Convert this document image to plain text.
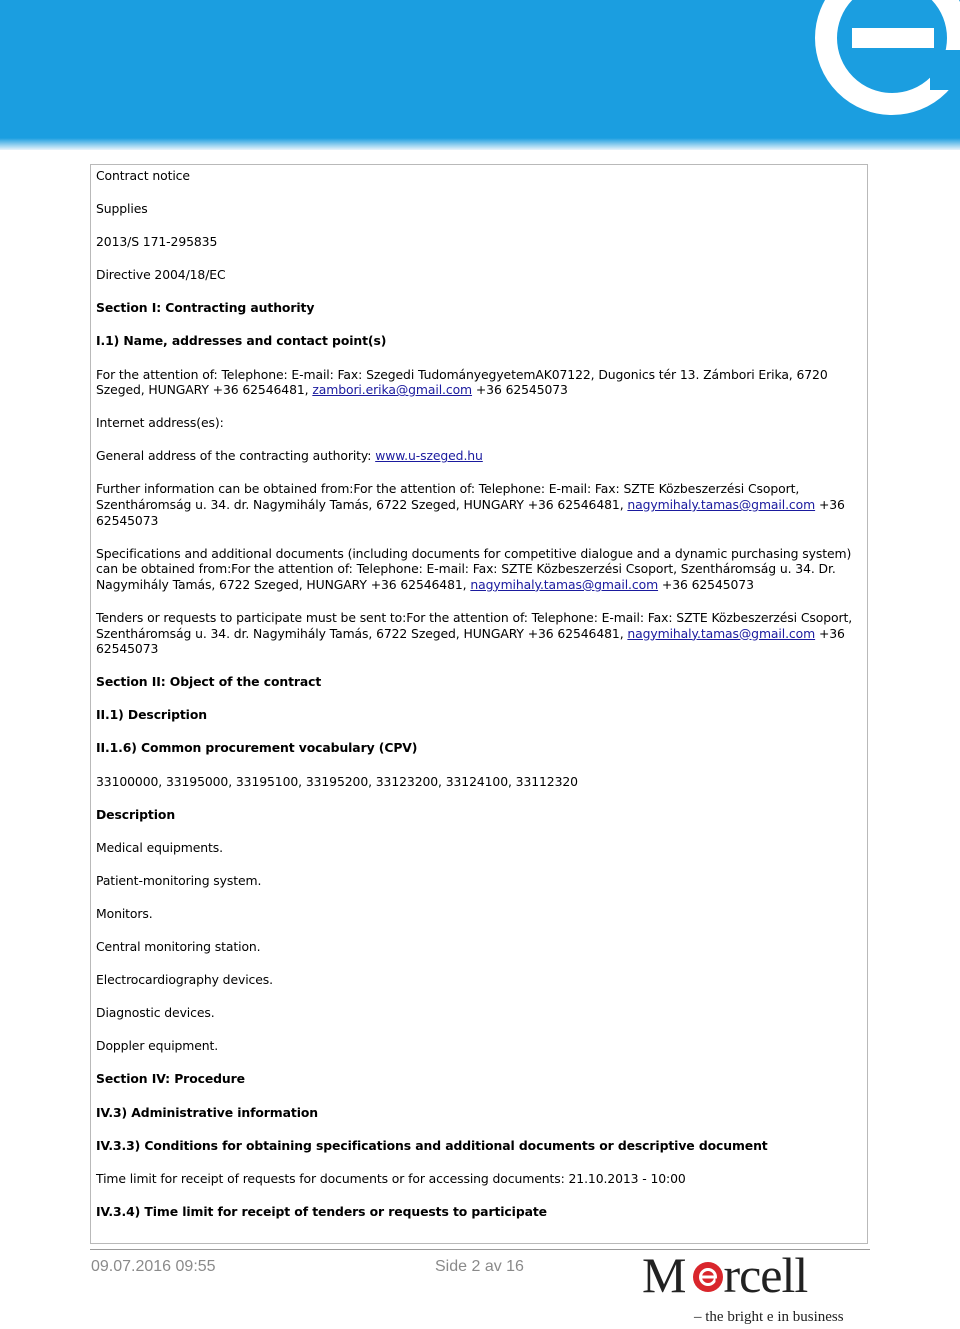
Contract notice

Supplies

2013/S 171-295835

Directive 2004/18/EC

Section I: Contracting authority

I.1) Name, addresses and contact point(s)

For the attention of: Telephone: E-mail: Fax: Szegedi TudományegyetemAK07122, Dugonics tér 13. Zámbori Erika, 6720 Szeged, HUNGARY +36 62546481, zambori.erika@gmail.com +36 62545073

Internet address(es):

General address of the contracting authority: www.u-szeged.hu

Further information can be obtained from:For the attention of: Telephone: E-mail: Fax: SZTE Közbeszerzési Csoport, Szentháromság u. 34. dr. Nagymihály Tamás, 6722 Szeged, HUNGARY +36 62546481, nagymihaly.tamas@gmail.com +36 62545073

Specifications and additional documents (including documents for competitive dialogue and a dynamic purchasing system) can be obtained from:For the attention of: Telephone: E-mail: Fax: SZTE Közbeszerzési Csoport, Szentháromság u. 34. Dr. Nagymihály Tamás, 6722 Szeged, HUNGARY +36 62546481, nagymihaly.tamas@gmail.com +36 62545073

Tenders or requests to participate must be sent to:For the attention of: Telephone: E-mail: Fax: SZTE Közbeszerzési Csoport, Szentháromság u. 34. dr. Nagymihály Tamás, 6722 Szeged, HUNGARY +36 62546481, nagymihaly.tamas@gmail.com +36 62545073

Section II: Object of the contract

II.1) Description

II.1.6) Common procurement vocabulary (CPV)

33100000, 33195000, 33195100, 33195200, 33123200, 33124100, 33112320

Description

Medical equipments.

Patient-monitoring system.

Monitors.

Central monitoring station.

Electrocardiography devices.

Diagnostic devices.

Doppler equipment.

Section IV: Procedure

IV.3) Administrative information

IV.3.3) Conditions for obtaining specifications and additional documents or descriptive document

Time limit for receipt of requests for documents or for accessing documents: 21.10.2013 - 10:00

IV.3.4) Time limit for receipt of tenders or requests to participate

09.07.2016 09:55	Side 2 av 16 M rcell
– the bright e in business
